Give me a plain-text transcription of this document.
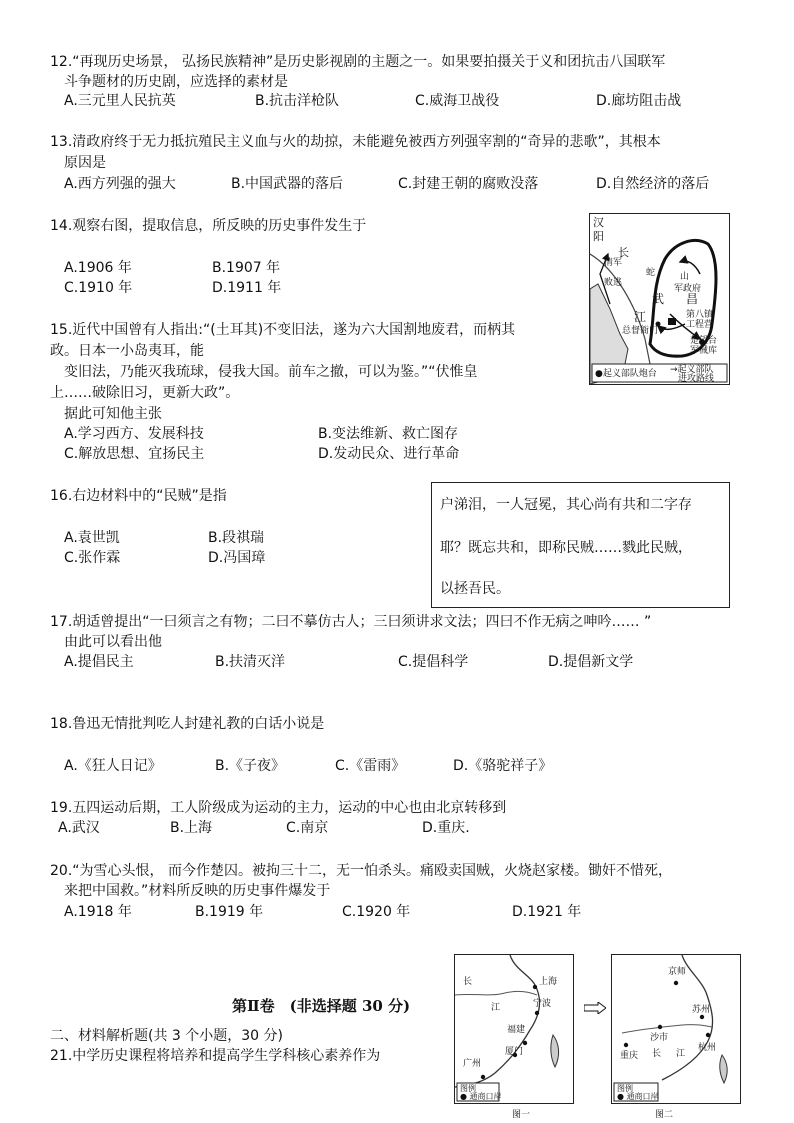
12.“再现历史场景， 弘扬民族精神”是历史影视剧的主题之一。如果要拍摄关于义和团抗击八国联军
斗争题材的历史剧，应选择的素材是
A.三元里人民抗英	B.抗击洋枪队	C.威海卫战役	D.廊坊阻击战
13.清政府终于无力抵抗殖民主义血与火的劫掠，未能避免被西方列强宰割的“奇异的悲歌”，其根本
原因是
A.西方列强的强大	B.中国武器的落后	C.封建王朝的腐败没落	D.自然经济的落后
14.观察右图，提取信息，所反映的历史事件发生于
A.1906 年	B.1907 年
C.1910 年	D.1911 年
汉
阳
长
蛇	山
军政府
武 昌
第八镇
工程营
江
总督衙门
楚望台
军械库
清军
败逃
●起义部队炮台 →起义部队
进攻路线
15.近代中国曾有人指出:“(土耳其)不变旧法，遂为六大国割地废君，而柄其
政。日本一小岛夷耳，能
变旧法，乃能灭我琉球，侵我大国。前车之撤，可以为鉴。”“伏惟皇
上……破除旧习，更新大政”。
据此可知他主张
A.学习西方、发展科技	B.变法维新、救亡图存
C.解放思想、宜扬民主	D.发动民众、进行革命
16.右边材料中的“民贼”是指
A.袁世凯	B.段祺瑞
C.张作霖	D.冯国璋
户涕泪，一人冠冕，其心尚有共和二字存
耶？既忘共和，即称民贼……戮此民贼，
以拯吾民。
17.胡适曾提出“一曰须言之有物；二曰不摹仿古人；三曰须讲求文法；四曰不作无病之呻吟…… ”
由此可以看出他
A.提倡民主	B.扶清灭洋	C.提倡科学	D.提倡新文学
18.鲁迅无情批判吃人封建礼教的白话小说是
A.《狂人日记》	B.《子夜》	C.《雷雨》	D.《骆驼祥子》
19.五四运动后期，工人阶级成为运动的主力，运动的中心也由北京转移到
A.武汉	B.上海	C.南京	D.重庆.
20.“为雪心头恨， 而今作楚囚。被拘三十二，无一怕杀头。痛殴卖国贼，火烧赵家楼。锄奸不惜死，
来把中国救。”材料所反映的历史事件爆发于
A.1918 年	B.1919 年	C.1920 年	D.1921 年
第Ⅱ卷　(非选择题 30 分)
二、材料解析题(共 3 个小题，30 分)
21.中学历史课程将培养和提高学生学科核心素养作为
长	上海
江	宁波
福建
厦门
广州
图例
● 通商口岸
图一
京师
苏州
沙市
长 江
杭州
重庆
图例
● 通商口岸
图二
